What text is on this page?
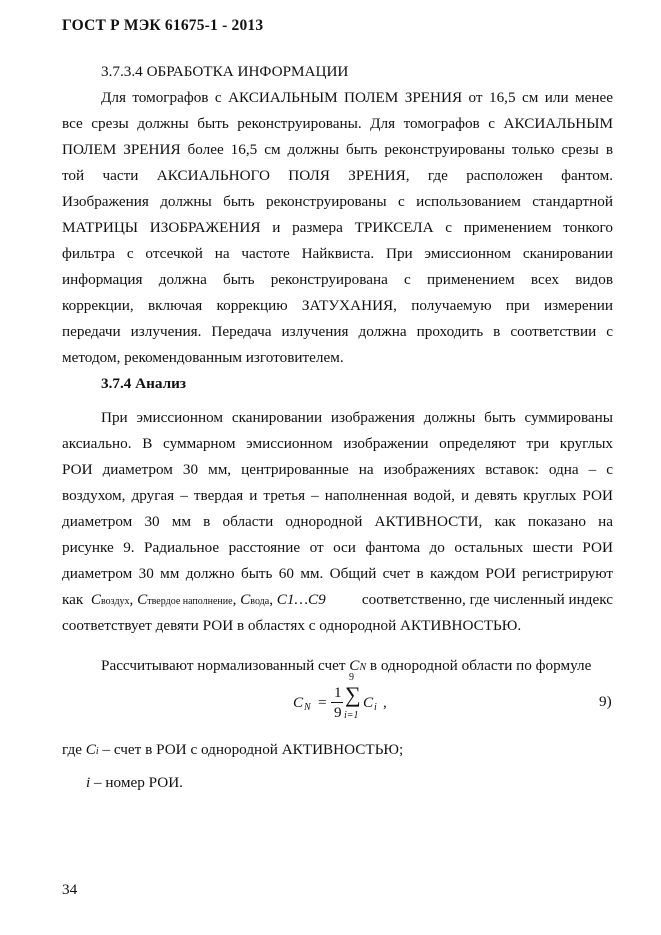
ГОСТ Р МЭК 61675-1 - 2013
3.7.3.4 ОБРАБОТКА ИНФОРМАЦИИ
Для томографов с АКСИАЛЬНЫМ ПОЛЕМ ЗРЕНИЯ от 16,5 см или менее
все срезы должны быть реконструированы. Для томографов с АКСИАЛЬНЫМ
ПОЛЕМ ЗРЕНИЯ более 16,5 см должны быть реконструированы только срезы в
той части АКСИАЛЬНОГО ПОЛЯ ЗРЕНИЯ, где расположен фантом.
Изображения должны быть реконструированы с использованием стандартной
МАТРИЦЫ ИЗОБРАЖЕНИЯ и размера ТРИКСЕЛА с применением тонкого
фильтра с отсечкой на частоте Найквиста. При эмиссионном сканировании
информация должна быть реконструирована с применением всех видов
коррекции, включая коррекцию ЗАТУХАНИЯ, получаемую при измерении
передачи излучения. Передача излучения должна проходить в соответствии с
методом, рекомендованным изготовителем.
3.7.4 Анализ
При эмиссионном сканировании изображения должны быть суммированы
аксиально. В суммарном эмиссионном изображении определяют три круглых
РОИ диаметром 30 мм, центрированные на изображениях вставок: одна – с
воздухом, другая – твердая и третья – наполненная водой, и девять круглых РОИ
диаметром 30 мм в области однородной АКТИВНОСТИ, как показано на
рисунке 9. Радиальное расстояние от оси фантома до остальных шести РОИ
диаметром 30 мм должно быть 60 мм. Общий счет в каждом РОИ регистрируют
как Cвоздух, Cтвердое наполнение, Cвода, C1…C9 соответственно, где численный индекс
соответствует девяти РОИ в областях с однородной АКТИВНОСТЬЮ.
Рассчитывают нормализованный счет CN в однородной области по формуле
C N =
1
9
9
∑
i=1
C i ,	9)
где Ci – счет в РОИ с однородной АКТИВНОСТЬЮ;
i – номер РОИ.
34
